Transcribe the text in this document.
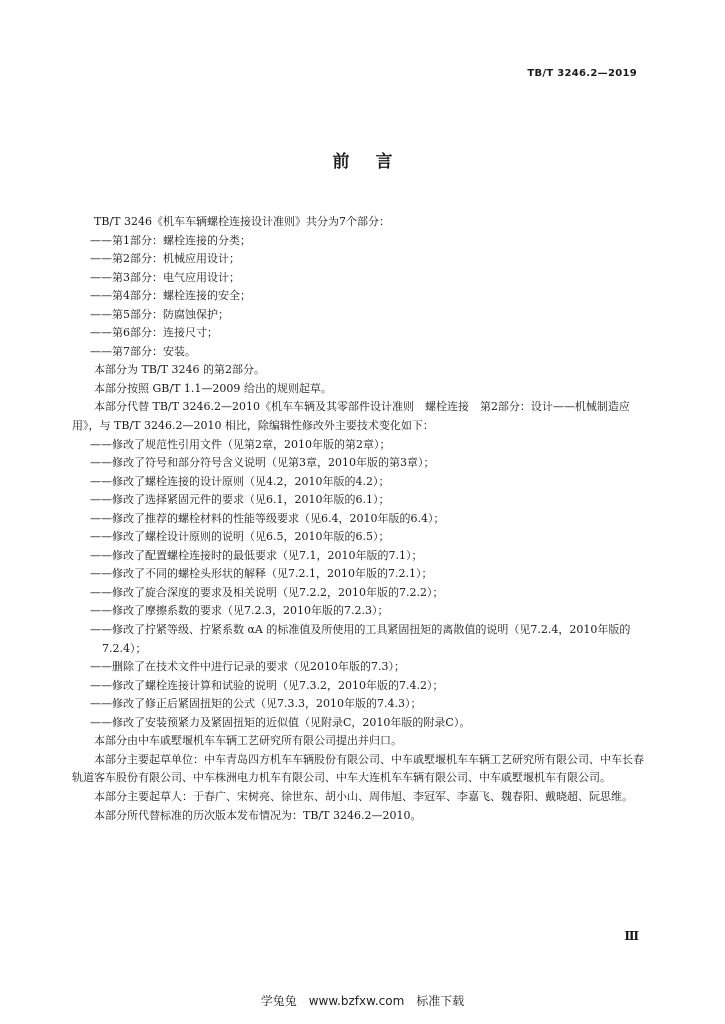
TB/T 3246.2—2019
前言

TB/T 3246《机车车辆螺栓连接设计准则》共分为7个部分：

——第1部分：螺栓连接的分类；

——第2部分：机械应用设计；

——第3部分：电气应用设计；

——第4部分：螺栓连接的安全；

——第5部分：防腐蚀保护；

——第6部分：连接尺寸；

——第7部分：安装。

本部分为 TB/T 3246 的第2部分。

本部分按照 GB/T 1.1—2009 给出的规则起草。

本部分代替 TB/T 3246.2—2010《机车车辆及其零部件设计准则　螺栓连接　第2部分：设计——机械制造应用》，与 TB/T 3246.2—2010 相比，除编辑性修改外主要技术变化如下：

——修改了规范性引用文件（见第2章，2010年版的第2章）；

——修改了符号和部分符号含义说明（见第3章，2010年版的第3章）；

——修改了螺栓连接的设计原则（见4.2，2010年版的4.2）；

——修改了选择紧固元件的要求（见6.1，2010年版的6.1）；

——修改了推荐的螺栓材料的性能等级要求（见6.4，2010年版的6.4）；

——修改了螺栓设计原则的说明（见6.5，2010年版的6.5）；

——修改了配置螺栓连接时的最低要求（见7.1，2010年版的7.1）；

——修改了不同的螺栓头形状的解释（见7.2.1，2010年版的7.2.1）；

——修改了旋合深度的要求及相关说明（见7.2.2，2010年版的7.2.2）；

——修改了摩擦系数的要求（见7.2.3，2010年版的7.2.3）；

——修改了拧紧等级、拧紧系数 αA 的标准值及所使用的工具紧固扭矩的离散值的说明（见7.2.4，2010年版的7.2.4）；

——删除了在技术文件中进行记录的要求（见2010年版的7.3）；

——修改了螺栓连接计算和试验的说明（见7.3.2，2010年版的7.4.2）；

——修改了修正后紧固扭矩的公式（见7.3.3，2010年版的7.4.3）；

——修改了安装预紧力及紧固扭矩的近似值（见附录C，2010年版的附录C）。

本部分由中车戚墅堰机车车辆工艺研究所有限公司提出并归口。

本部分主要起草单位：中车青岛四方机车车辆股份有限公司、中车戚墅堰机车车辆工艺研究所有限公司、中车长春轨道客车股份有限公司、中车株洲电力机车有限公司、中车大连机车车辆有限公司、中车戚墅堰机车有限公司。

本部分主要起草人：于春广、宋树亮、徐世东、胡小山、周伟旭、李冠军、李嘉飞、魏春阳、戴晓超、阮思维。

本部分所代替标准的历次版本发布情况为：TB/T 3246.2—2010。

Ⅲ
学兔兔　www.bzfxw.com　标准下载
